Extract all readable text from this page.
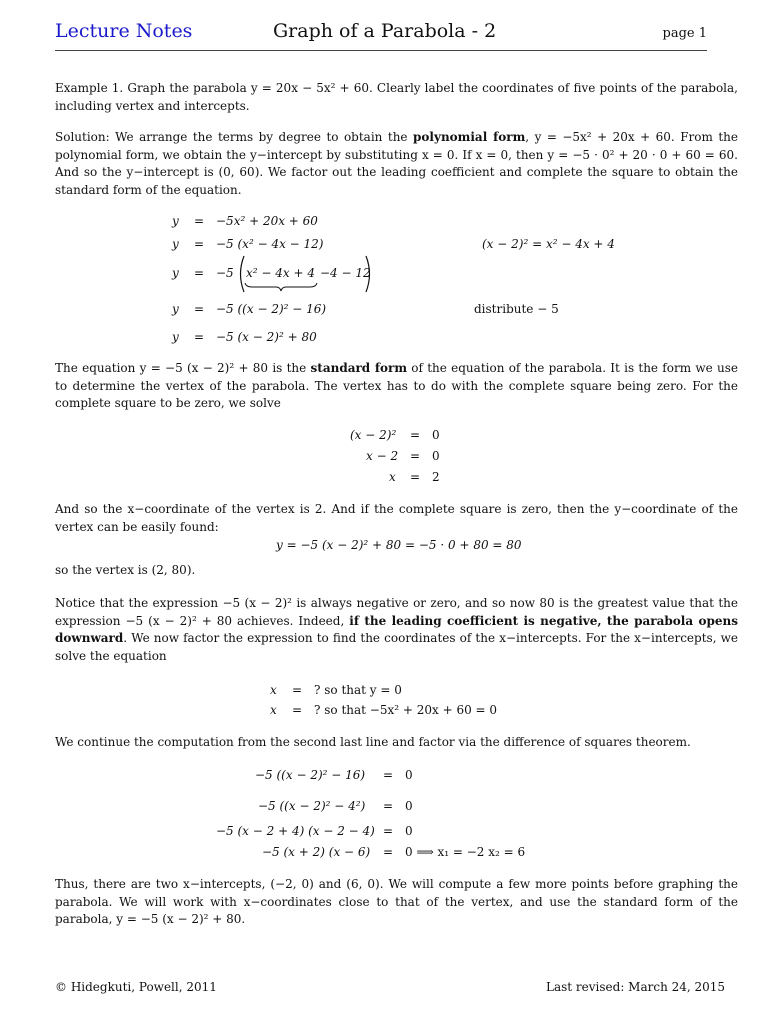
Lecture Notes	Graph of a Parabola - 2	page 1
Example 1. Graph the parabola y = 20x − 5x² + 60. Clearly label the coordinates of five points of the parabola, including vertex and intercepts.
Solution: We arrange the terms by degree to obtain the polynomial form, y = −5x² + 20x + 60. From the polynomial form, we obtain the y−intercept by substituting x = 0. If x = 0, then y = −5 · 0² + 20 · 0 + 60 = 60. And so the y−intercept is (0, 60). We factor out the leading coefficient and complete the square to obtain the standard form of the equation.
y = −5x² + 20x + 60
y = −5 (x² − 4x − 12)
y = −5 x² − 4x + 4 −4 − 12
y = −5 ((x − 2)² − 16)
y = −5 (x − 2)² + 80
(x − 2)² = x² − 4x + 4
distribute − 5
The equation y = −5 (x − 2)² + 80 is the standard form of the equation of the parabola. It is the form we use to determine the vertex of the parabola. The vertex has to do with the complete square being zero. For the complete square to be zero, we solve
(x − 2)² = 0
x − 2 = 0
x = 2
And so the x−coordinate of the vertex is 2. And if the complete square is zero, then the y−coordinate of the vertex can be easily found:
y = −5 (x − 2)² + 80 = −5 · 0 + 80 = 80
so the vertex is (2, 80).
Notice that the expression −5 (x − 2)² is always negative or zero, and so now 80 is the greatest value that the expression −5 (x − 2)² + 80 achieves. Indeed, if the leading coefficient is negative, the parabola opens downward. We now factor the expression to find the coordinates of the x−intercepts. For the x−intercepts, we solve the equation
x = ? so that y = 0
x = ? so that −5x² + 20x + 60 = 0
We continue the computation from the second last line and factor via the difference of squares theorem.
−5 ((x − 2)² − 16) = 0
−5 ((x − 2)² − 4²) = 0
−5 (x − 2 + 4) (x − 2 − 4) = 0
−5 (x + 2) (x − 6) = 0 ⟹ x₁ = −2 x₂ = 6
Thus, there are two x−intercepts, (−2, 0) and (6, 0). We will compute a few more points before graphing the parabola. We will work with x−coordinates close to that of the vertex, and use the standard form of the parabola, y = −5 (x − 2)² + 80.
© Hidegkuti, Powell, 2011	Last revised: March 24, 2015
